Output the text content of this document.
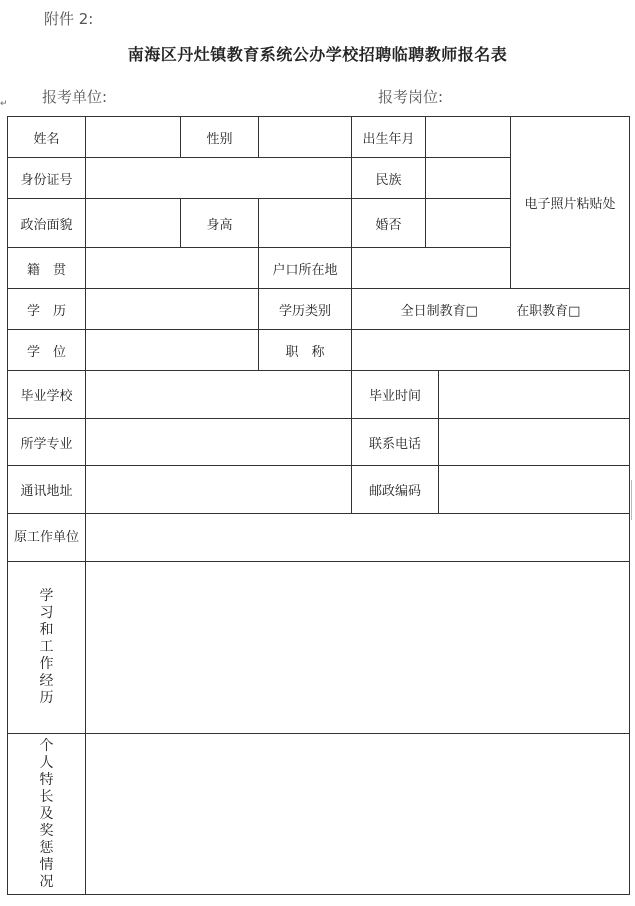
附件 2:
南海区丹灶镇教育系统公办学校招聘临聘教师报名表
报考单位:	报考岗位:
↵
姓名		性别		出生年月			电子照片粘贴处
身份证号				民族			
政治面貌		身高		婚否			
籍　贯			户口所在地				
学　历			学历类别	全日制教育□ 在职教育□			
学　位			职　称				
毕业学校				毕业时间			
所学专业				联系电话			
通讯地址				邮政编码			
原工作单位							
学习和工作经历							
个人特长及奖惩情况							
